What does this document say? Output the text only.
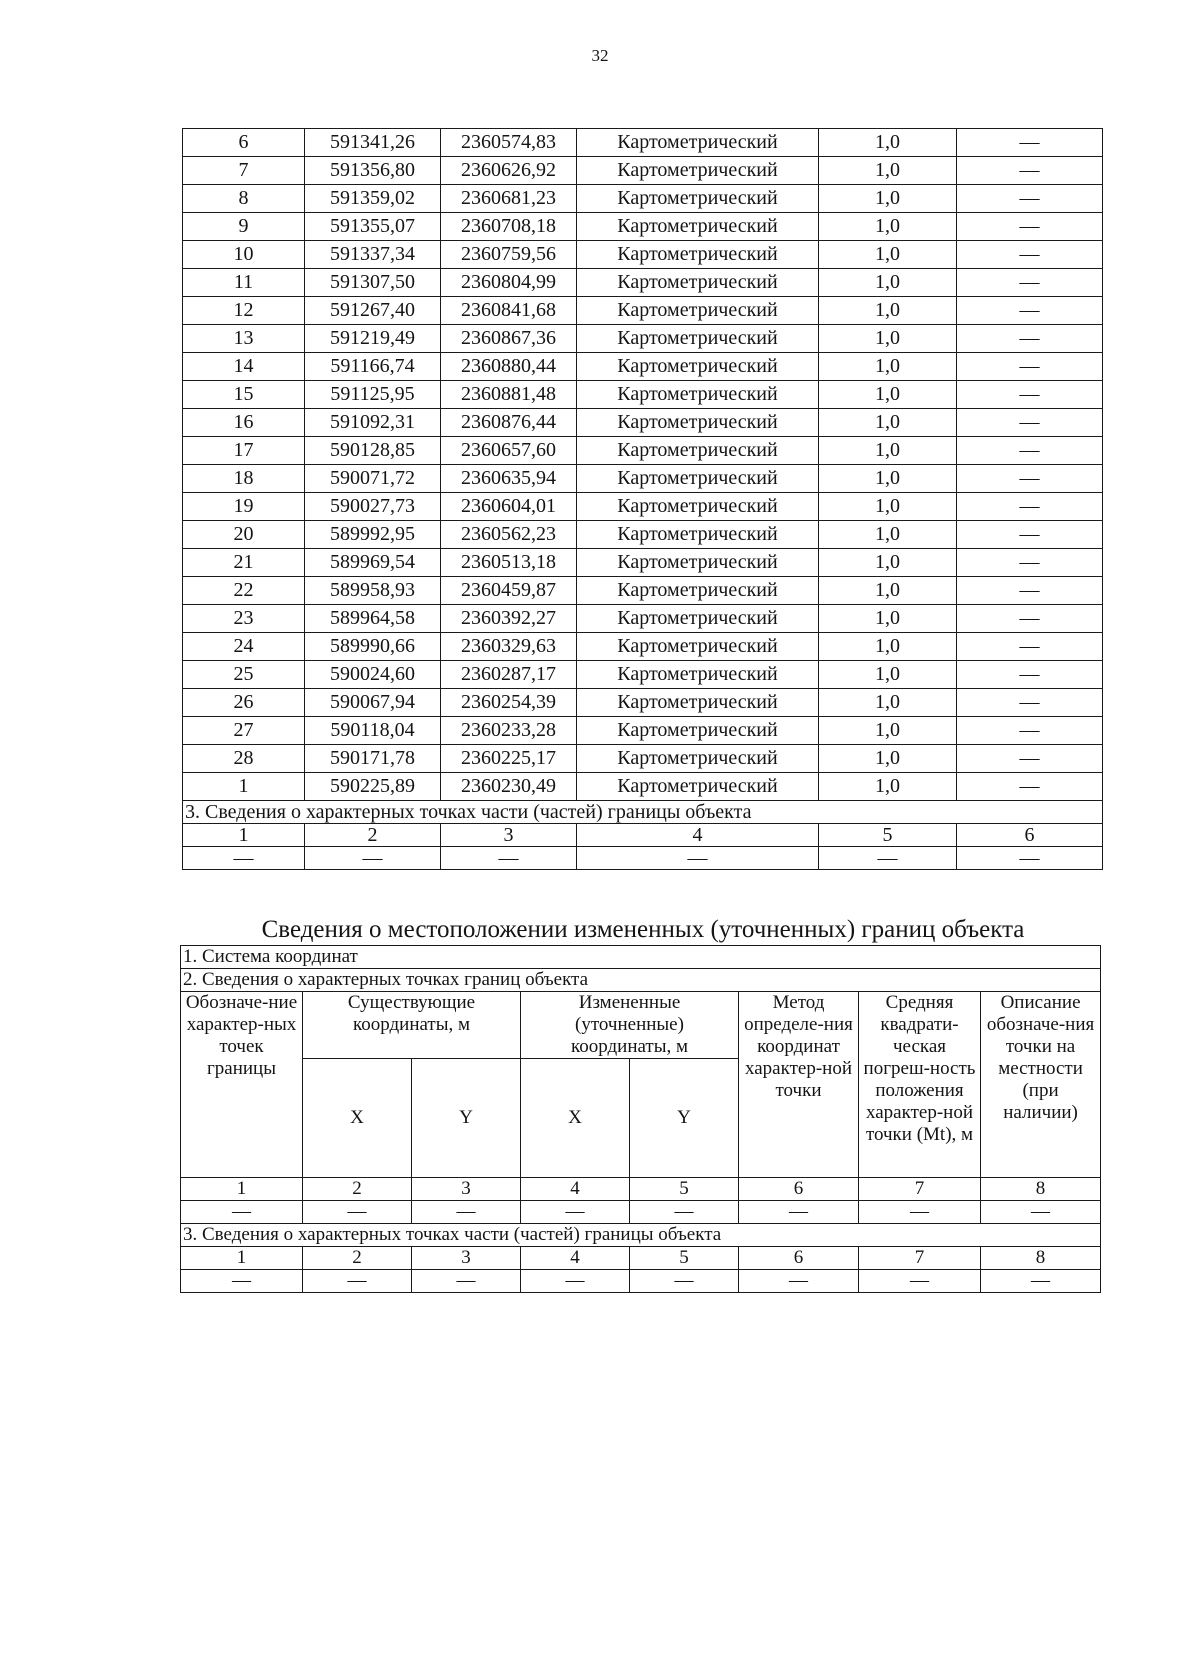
32
6	591341,26	2360574,83	Картометрический	1,0	—
7	591356,80	2360626,92	Картометрический	1,0	—
8	591359,02	2360681,23	Картометрический	1,0	—
9	591355,07	2360708,18	Картометрический	1,0	—
10	591337,34	2360759,56	Картометрический	1,0	—
11	591307,50	2360804,99	Картометрический	1,0	—
12	591267,40	2360841,68	Картометрический	1,0	—
13	591219,49	2360867,36	Картометрический	1,0	—
14	591166,74	2360880,44	Картометрический	1,0	—
15	591125,95	2360881,48	Картометрический	1,0	—
16	591092,31	2360876,44	Картометрический	1,0	—
17	590128,85	2360657,60	Картометрический	1,0	—
18	590071,72	2360635,94	Картометрический	1,0	—
19	590027,73	2360604,01	Картометрический	1,0	—
20	589992,95	2360562,23	Картометрический	1,0	—
21	589969,54	2360513,18	Картометрический	1,0	—
22	589958,93	2360459,87	Картометрический	1,0	—
23	589964,58	2360392,27	Картометрический	1,0	—
24	589990,66	2360329,63	Картометрический	1,0	—
25	590024,60	2360287,17	Картометрический	1,0	—
26	590067,94	2360254,39	Картометрический	1,0	—
27	590118,04	2360233,28	Картометрический	1,0	—
28	590171,78	2360225,17	Картометрический	1,0	—
1	590225,89	2360230,49	Картометрический	1,0	—
3. Сведения о характерных точках части (частей) границы объекта					
1	2	3	4	5	6
—	—	—	—	—	—
Сведения о местоположении измененных (уточненных) границ объекта
1. Система координат							
2. Сведения о характерных точках границ объекта							
Обозначе-ние характер-ных точек границы	Существующие координаты, м		Измененные (уточненные) координаты, м		Метод определе-ния координат характер-ной точки	Средняя квадрати-ческая погреш-ность положения характер-ной точки (Mt), м	Описание обозначе-ния точки на местности (при наличии)
	X	Y	X	Y			
1	2	3	4	5	6	7	8
—	—	—	—	—	—	—	—
3. Сведения о характерных точках части (частей) границы объекта							
1	2	3	4	5	6	7	8
—	—	—	—	—	—	—	—
